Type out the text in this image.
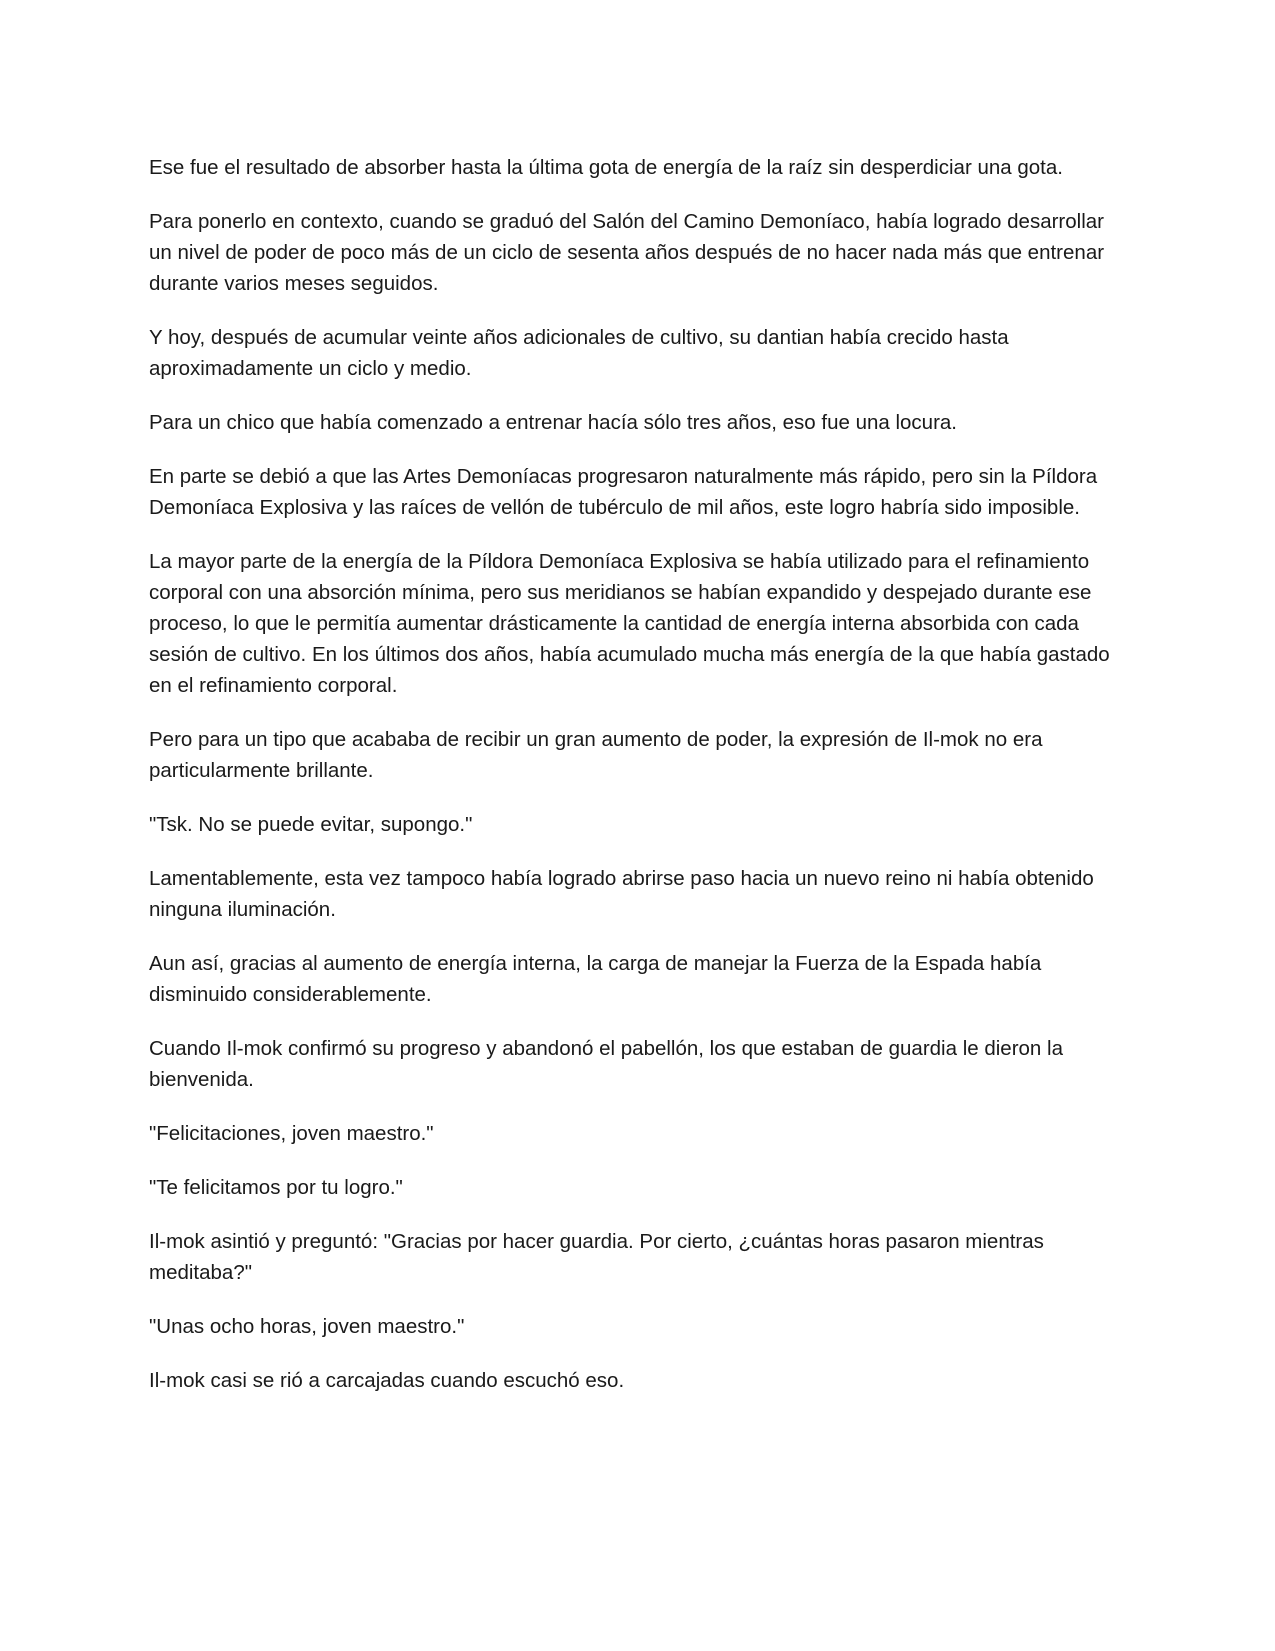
Ese fue el resultado de absorber hasta la última gota de energía de la raíz sin desperdiciar una gota.

Para ponerlo en contexto, cuando se graduó del Salón del Camino Demoníaco, había logrado desarrollar un nivel de poder de poco más de un ciclo de sesenta años después de no hacer nada más que entrenar durante varios meses seguidos.

Y hoy, después de acumular veinte años adicionales de cultivo, su dantian había crecido hasta aproximadamente un ciclo y medio.

Para un chico que había comenzado a entrenar hacía sólo tres años, eso fue una locura.

En parte se debió a que las Artes Demoníacas progresaron naturalmente más rápido, pero sin la Píldora Demoníaca Explosiva y las raíces de vellón de tubérculo de mil años, este logro habría sido imposible.

La mayor parte de la energía de la Píldora Demoníaca Explosiva se había utilizado para el refinamiento corporal con una absorción mínima, pero sus meridianos se habían expandido y despejado durante ese proceso, lo que le permitía aumentar drásticamente la cantidad de energía interna absorbida con cada sesión de cultivo. En los últimos dos años, había acumulado mucha más energía de la que había gastado en el refinamiento corporal.

Pero para un tipo que acababa de recibir un gran aumento de poder, la expresión de Il-mok no era particularmente brillante.

"Tsk. No se puede evitar, supongo."

Lamentablemente, esta vez tampoco había logrado abrirse paso hacia un nuevo reino ni había obtenido ninguna iluminación.

Aun así, gracias al aumento de energía interna, la carga de manejar la Fuerza de la Espada había disminuido considerablemente.

Cuando Il-mok confirmó su progreso y abandonó el pabellón, los que estaban de guardia le dieron la bienvenida.

"Felicitaciones, joven maestro."

"Te felicitamos por tu logro."

Il-mok asintió y preguntó: "Gracias por hacer guardia. Por cierto, ¿cuántas horas pasaron mientras meditaba?"

"Unas ocho horas, joven maestro."

Il-mok casi se rió a carcajadas cuando escuchó eso.
